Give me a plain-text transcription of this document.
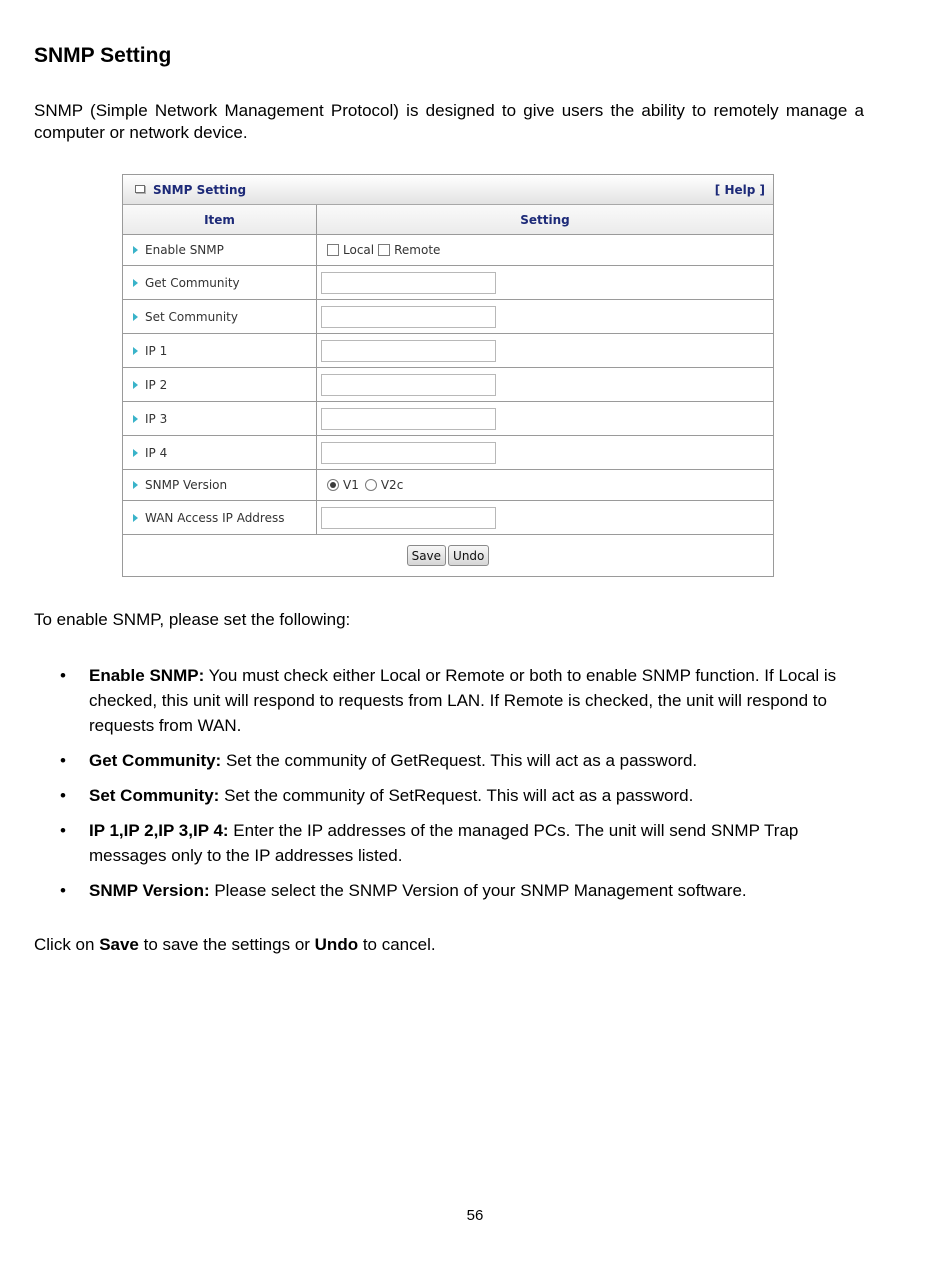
SNMP Setting

SNMP (Simple Network Management Protocol) is designed to give users the ability to remotely manage a computer or network device.

SNMP Setting	[ Help ]
Item	Setting
Enable SNMP	Local Remote
Get Community
Set Community
IP 1
IP 2
IP 3
IP 4
SNMP Version	V1 V2c
WAN Access IP Address
Save	Undo

To enable SNMP, please set the following:

• Enable SNMP: You must check either Local or Remote or both to enable SNMP function. If Local is checked, this unit will respond to requests from LAN. If Remote is checked, the unit will respond to requests from WAN.
• Get Community: Set the community of GetRequest. This will act as a password.
• Set Community: Set the community of SetRequest. This will act as a password.
• IP 1,IP 2,IP 3,IP 4: Enter the IP addresses of the managed PCs. The unit will send SNMP Trap messages only to the IP addresses listed.
• SNMP Version: Please select the SNMP Version of your SNMP Management software.

Click on Save to save the settings or Undo to cancel.

56
